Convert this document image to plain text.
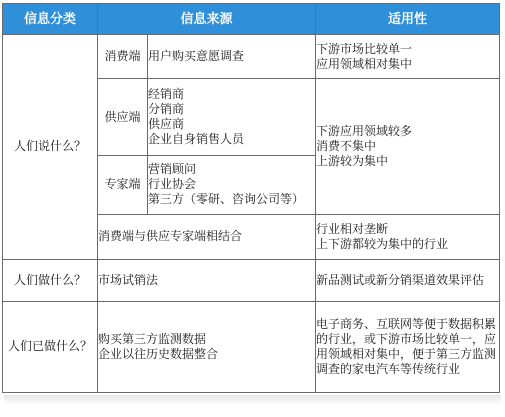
信息分类	信息来源		适用性
人们说什么？	消费端	用户购买意愿调查	下游市场比较单一
应用领域相对集中

	供应端	经销商
分销商
供应商
企业自身销售人员	下游应用领域较多
消费不集中
上游较为集中

	专家端	营销顾问
行业协会
第三方（零研、咨询公司等）	

	消费端与供应专家端相结合		行业相对垄断
上下游都较为集中的行业

人们做什么？	市场试销法		新品测试或新分销渠道效果评估

人们已做什么？	购买第三方监测数据
企业以往历史数据整合		电子商务、互联网等便于数据积累的行业，或下游市场比较单一，应用领域相对集中，便于第三方监测调查的家电汽车等传统行业
